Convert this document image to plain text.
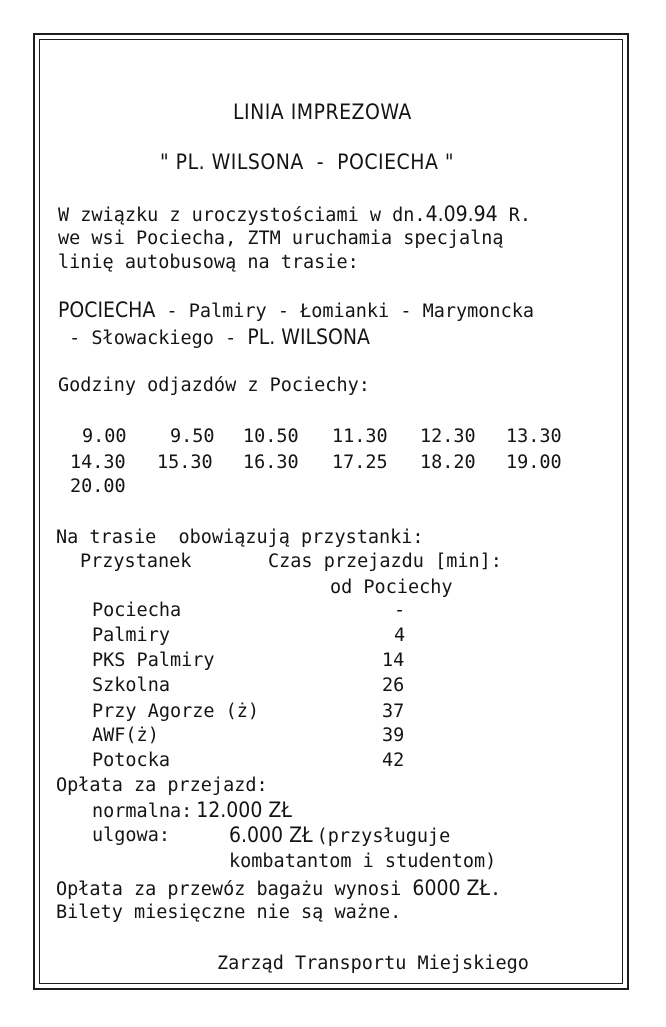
LINIA IMPREZOWA
" PL. WILSONA  -  POCIECHA "
W związku z uroczystościami w dn.4.09.94 R.
we wsi Pociecha, ZTM uruchamia specjalną
linię autobusową na trasie:
POCIECHA - Palmiry - Łomianki - Marymoncka
- Słowackiego - PL. WILSONA
Godziny odjazdów z Pociechy:
9.00 9.50 10.50 11.30 12.30 13.30
14.30 15.30 16.30 17.25 18.20 19.00
20.00
Na trasie  obowiązują przystanki:
Przystanek	Czas przejazdu [min]:
od Pociechy
Pociecha	-
Palmiry	4
PKS Palmiry	14
Szkolna	26
Przy Agorze (ż)	37
AWF(ż)	39
Potocka	42
Opłata za przejazd:
normalna: 12.000 ZŁ
ulgowa:	6.000 ZŁ (przysługuje
kombatantom i studentom)
Opłata za przewóz bagażu wynosi 6000 ZŁ.
Bilety miesięczne nie są ważne.
Zarząd Transportu Miejskiego
